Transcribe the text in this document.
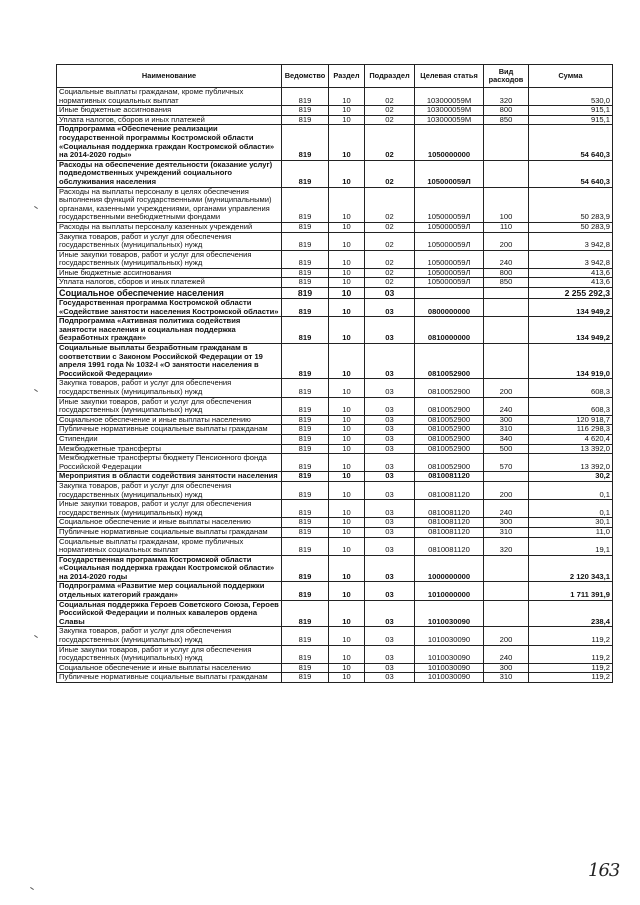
Наименование	Ведомство	Раздел	Подраздел	Целевая статья	Вид расходов	Сумма
Социальные выплаты гражданам, кроме публичных нормативных социальных выплат	819	10	02	103000059М	320	530,0
Иные бюджетные ассигнования	819	10	02	103000059М	800	915,1
Уплата налогов, сборов и иных платежей	819	10	02	103000059М	850	915,1
Подпрограмма «Обеспечение реализации государственной программы Костромской области «Социальная поддержка граждан Костромской области» на 2014-2020 годы»	819	10	02	1050000000		54 640,3
Расходы на обеспечение деятельности (оказание услуг) подведомственных учреждений социального обслуживания населения	819	10	02	105000059Л		54 640,3
Расходы на выплаты персоналу в целях обеспечения выполнения функций государственными (муниципальными) органами, казенными учреждениями, органами управления государственными внебюджетными фондами	819	10	02	105000059Л	100	50 283,9
Расходы на выплаты персоналу казенных учреждений	819	10	02	105000059Л	110	50 283,9
Закупка товаров, работ и услуг для обеспечения государственных (муниципальных) нужд	819	10	02	105000059Л	200	3 942,8
Иные закупки товаров, работ и услуг для обеспечения государственных (муниципальных) нужд	819	10	02	105000059Л	240	3 942,8
Иные бюджетные ассигнования	819	10	02	105000059Л	800	413,6
Уплата налогов, сборов и иных платежей	819	10	02	105000059Л	850	413,6
Социальное обеспечение населения	819	10	03			2 255 292,3
Государственная программа Костромской области «Содействие занятости населения Костромской области»	819	10	03	0800000000		134 949,2
Подпрограмма «Активная политика содействия занятости населения и социальная поддержка безработных граждан»	819	10	03	0810000000		134 949,2
Социальные выплаты безработным гражданам в соответствии с Законом Российской Федерации от 19 апреля 1991 года № 1032-I «О занятости населения в Российской Федерации»	819	10	03	0810052900		134 919,0
Закупка товаров, работ и услуг для обеспечения государственных (муниципальных) нужд	819	10	03	0810052900	200	608,3
Иные закупки товаров, работ и услуг для обеспечения государственных (муниципальных) нужд	819	10	03	0810052900	240	608,3
Социальное обеспечение и иные выплаты населению	819	10	03	0810052900	300	120 918,7
Публичные нормативные социальные выплаты гражданам	819	10	03	0810052900	310	116 298,3
Стипендии	819	10	03	0810052900	340	4 620,4
Межбюджетные трансферты	819	10	03	0810052900	500	13 392,0
Межбюджетные трансферты бюджету Пенсионного фонда Российской Федерации	819	10	03	0810052900	570	13 392,0
Мероприятия в области содействия занятости населения	819	10	03	0810081120		30,2
Закупка товаров, работ и услуг для обеспечения государственных (муниципальных) нужд	819	10	03	0810081120	200	0,1
Иные закупки товаров, работ и услуг для обеспечения государственных (муниципальных) нужд	819	10	03	0810081120	240	0,1
Социальное обеспечение и иные выплаты населению	819	10	03	0810081120	300	30,1
Публичные нормативные социальные выплаты гражданам	819	10	03	0810081120	310	11,0
Социальные выплаты гражданам, кроме публичных нормативных социальных выплат	819	10	03	0810081120	320	19,1
Государственная программа Костромской области «Социальная поддержка граждан Костромской области» на 2014-2020 годы	819	10	03	1000000000		2 120 343,1
Подпрограмма «Развитие мер социальной поддержки отдельных категорий граждан»	819	10	03	1010000000		1 711 391,9
Социальная поддержка Героев Советского Союза, Героев Российской Федерации и полных кавалеров ордена Славы	819	10	03	1010030090		238,4
Закупка товаров, работ и услуг для обеспечения государственных (муниципальных) нужд	819	10	03	1010030090	200	119,2
Иные закупки товаров, работ и услуг для обеспечения государственных (муниципальных) нужд	819	10	03	1010030090	240	119,2
Социальное обеспечение и иные выплаты населению	819	10	03	1010030090	300	119,2
Публичные нормативные социальные выплаты гражданам	819	10	03	1010030090	310	119,2
163
